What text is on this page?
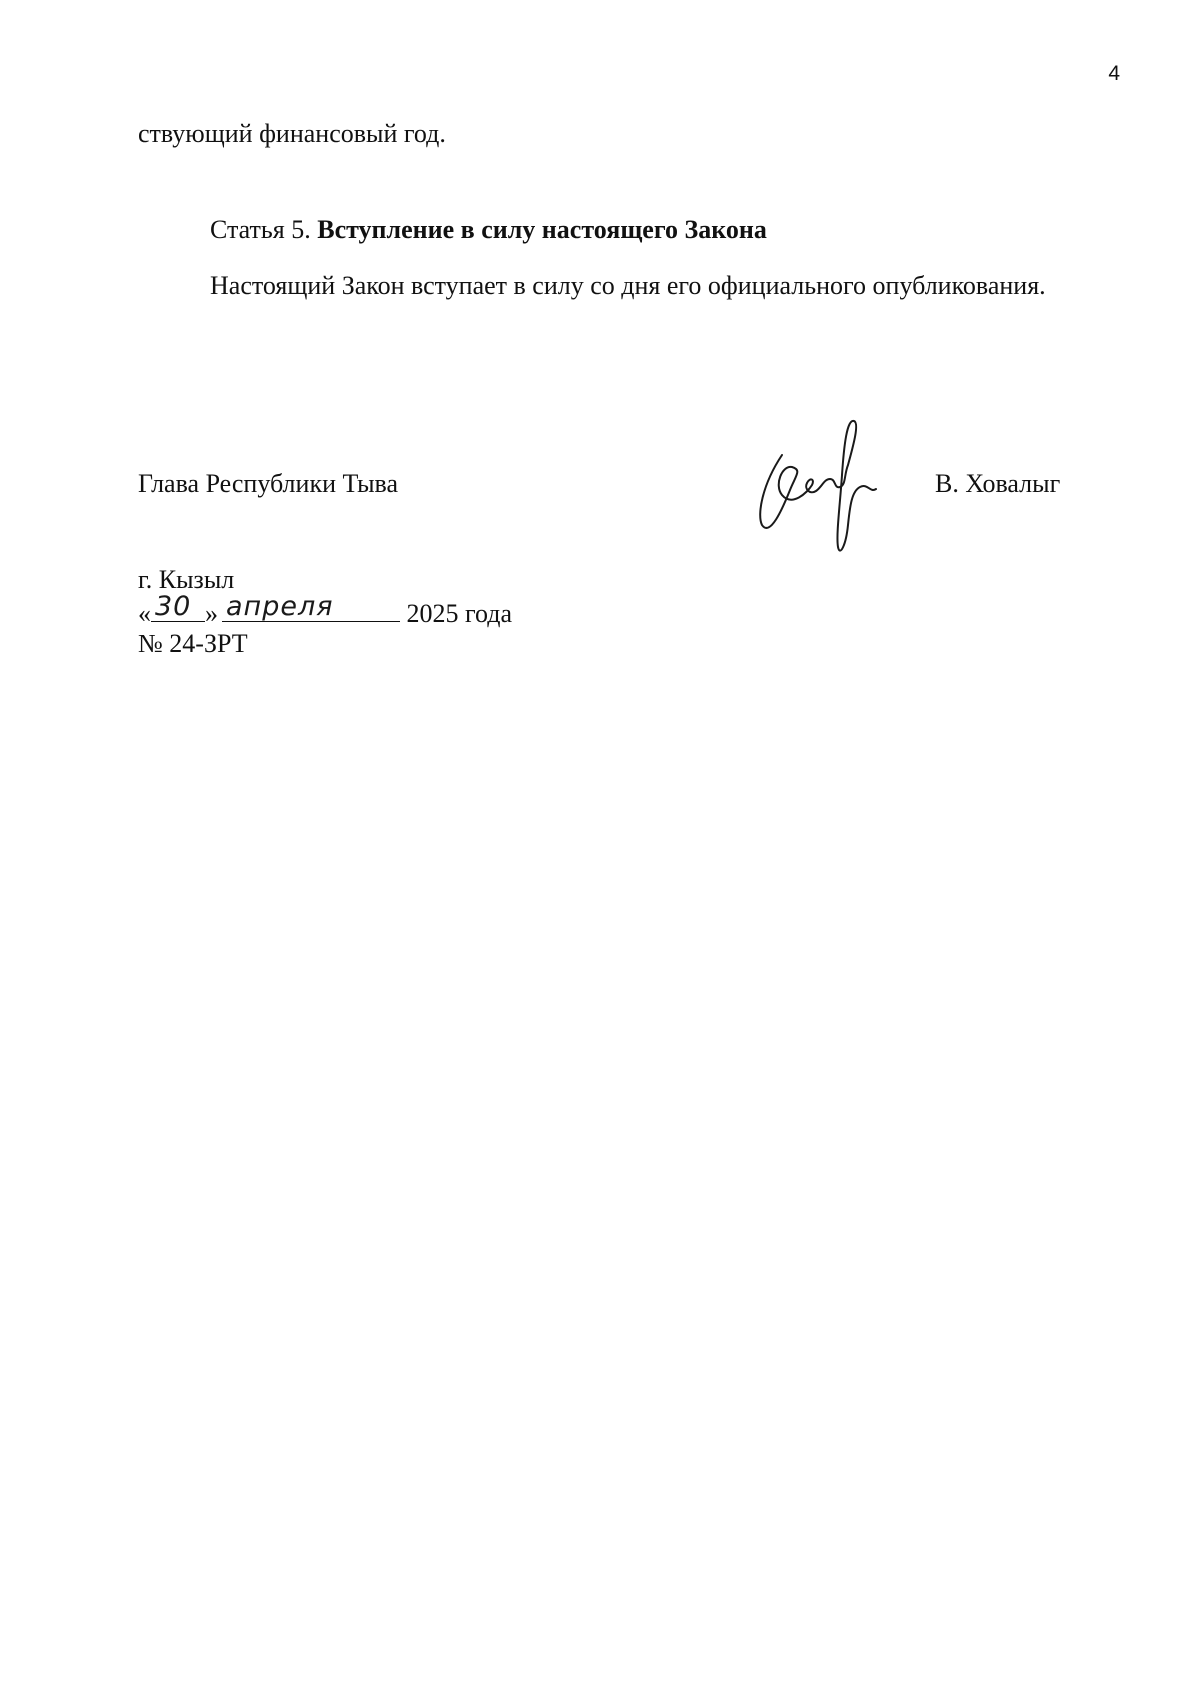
4
ствующий финансовый год.
Статья 5. Вступление в силу настоящего Закона
Настоящий Закон вступает в силу со дня его официального опубликования.
Глава Республики Тыва	В. Ховалыг
г. Кызыл
« 30 » апреля	2025 года
№ 24-ЗРТ
